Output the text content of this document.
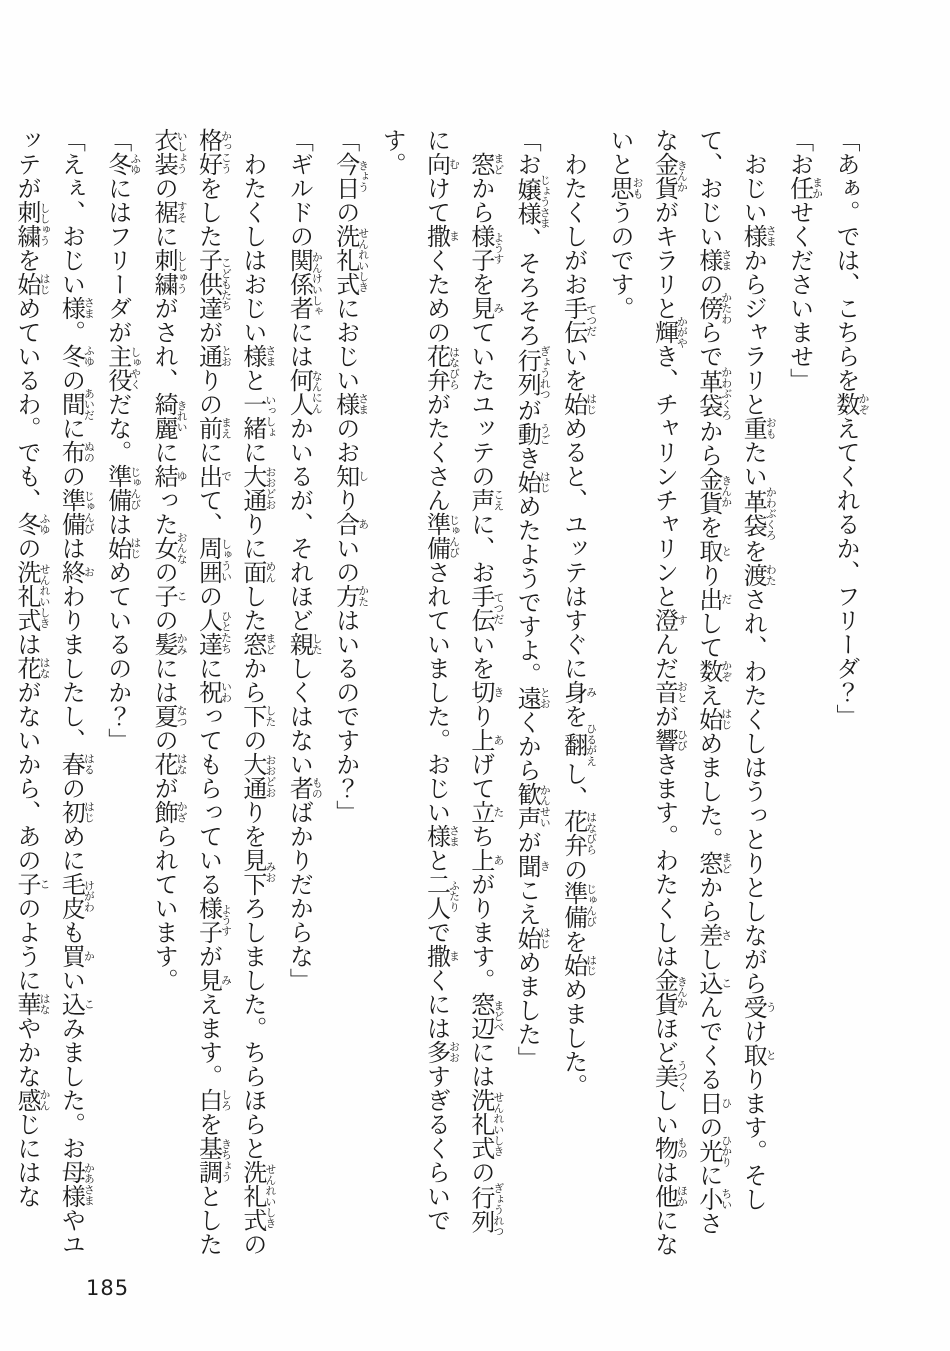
「あぁ。では、こちらを数かぞえてくれるか、フリーダ？」

「お任まかせくださいませ」

おじい様さまからジャラリと重おもたい革袋かわぶくろを渡わたされ、わたくしはうっとりとしながら受うけ取とります。そして、おじい様さまの傍かたわらで革袋かわぶくろから金貨きんかを取とり出だして数かぞえ始はじめました。窓まどから差さし込こんでくる日ひの光ひかりに小ちいさな金貨きんかがキラリと輝かがやき、チャリンチャリンと澄すんだ音おとが響ひびきます。わたくしは金貨きんかほど美うつくしい物ものは他ほかにないと思おもうのです。

わたくしがお手伝てつだいを始はじめると、ユッテはすぐに身みを翻ひるがえし、花弁はなびらの準備じゅんびを始はじめました。

「お嬢様じょうさま、そろそろ行列ぎょうれつが動うごき始はじめたようですよ。遠とおくから歓声かんせいが聞きこえ始はじめました」

窓まどから様子ようすを見みていたユッテの声こえに、お手伝てつだいを切きり上あげて立たち上あがります。窓辺まどべには洗礼式せんれいしきの行列ぎょうれつに向むけて撒まくための花弁はなびらがたくさん準備じゅんびされていました。おじい様さまと二人ふたりで撒まくには多おおすぎるくらいです。

「今日きょうの洗礼式せんれいしきにおじい様さまのお知しり合あいの方かたはいるのですか？」

「ギルドの関係者かんけいしゃには何人なんにんかいるが、それほど親したしくはない者ものばかりだからな」

わたくしはおじい様さまと一緒いっしょに大通おおどおりに面めんした窓まどから下したの大通おおどおりを見下みおろしました。ちらほらと洗礼式せんれいしきの格好かっこうをした子供達こどもたちが通とおりの前まえに出でて、周囲しゅういの人達ひとたちに祝いわってもらっている様子ようすが見みえます。白しろを基調きちょうとした衣装いしょうの裾すそに刺繍ししゅうがされ、綺麗きれいに結ゆった女おんなの子この髪かみには夏なつの花はなが飾かざられています。

「冬ふゆにはフリーダが主役しゅやくだな。準備じゅんびは始はじめているのか？」

「えぇ、おじい様さま。冬ふゆの間あいだに布ぬのの準備じゅんびは終おわりましたし、春はるの初はじめに毛皮けがわも買かい込こみました。お母様かあさまやユッテが刺繍ししゅうを始はじめているわ。でも、冬ふゆの洗礼式せんれいしきは花はながないから、あの子このように華はなやかな感かんじにはな

185
